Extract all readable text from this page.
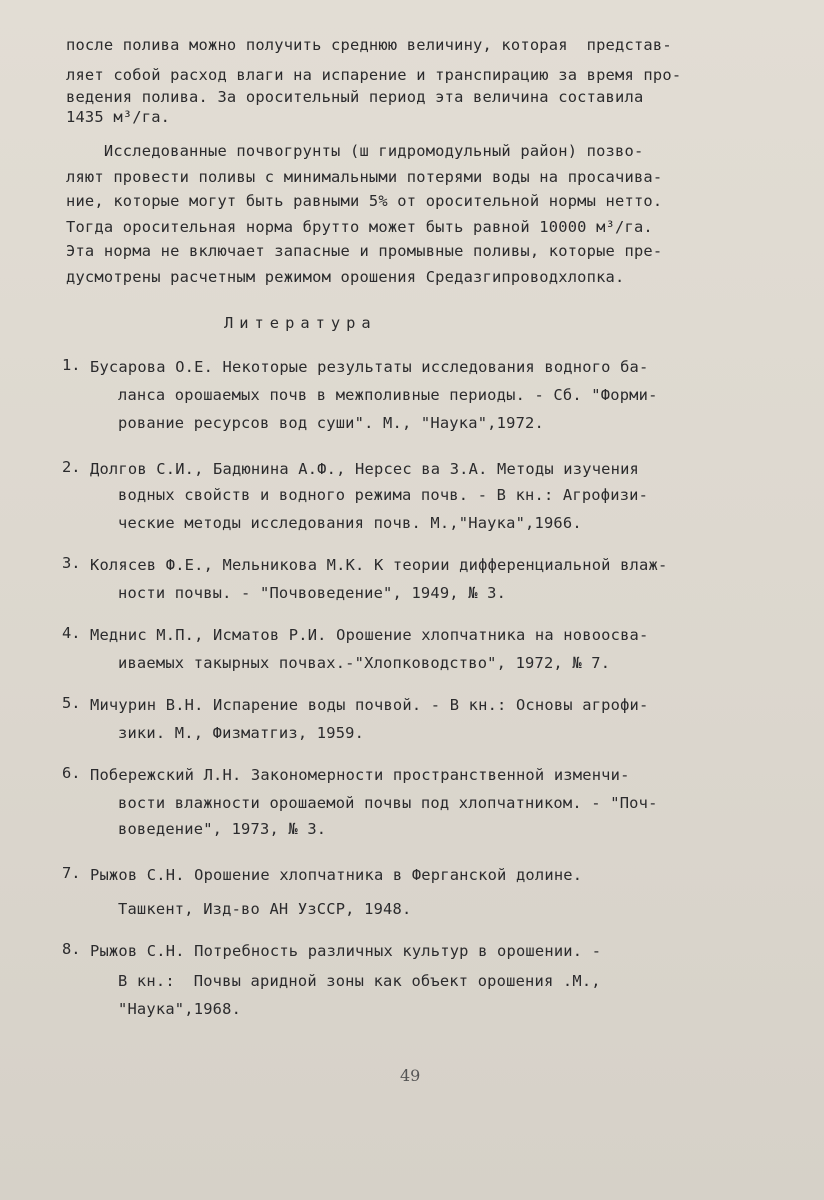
после полива можно получить среднюю величину, которая  представ-
ляет собой расход влаги на испарение и транспирацию за время про-
ведения полива. За оросительный период эта величина составила
1435 м³/га.
Исследованные почвогрунты (ш гидромодульный район) позво-
ляют провести поливы с минимальными потерями воды на просачива-
ние, которые могут быть равными 5% от оросительной нормы нетто.
Тогда оросительная норма брутто может быть равной 10000 м³/га.
Эта норма не включает запасные и промывные поливы, которые пре-
дусмотрены расчетным режимом орошения Средазгипроводхлопка.
Литература
1. Бусарова О.Е. Некоторые результаты исследования водного ба-
ланса орошаемых почв в межполивные периоды. - Сб. "Форми-
рование ресурсов вод суши". М., "Наука",1972.
2. Долгов С.И., Бадюнина А.Ф., Нерсес ва З.А. Методы изучения
водных свойств и водного режима почв. - В кн.: Агрофизи-
ческие методы исследования почв. М.,"Наука",1966.
3. Колясев Ф.Е., Мельникова М.К. К теории дифференциальной влаж-
ности почвы. - "Почвоведение", 1949, № 3.
4. Меднис М.П., Исматов Р.И. Орошение хлопчатника на новоосва-
иваемых такырных почвах.-"Хлопководство", 1972, № 7.
5. Мичурин В.Н. Испарение воды почвой. - В кн.: Основы агрофи-
зики. М., Физматгиз, 1959.
6. Побережский Л.Н. Закономерности пространственной изменчи-
вости влажности орошаемой почвы под хлопчатником. - "Поч-
воведение", 1973, № 3.
7. Рыжов С.Н. Орошение хлопчатника в Ферганской долине.
Ташкент, Изд-во АН УзССР, 1948.
8. Рыжов С.Н. Потребность различных культур в орошении. -
В кн.:  Почвы аридной зоны как объект орошения .М.,
"Наука",1968.
49
